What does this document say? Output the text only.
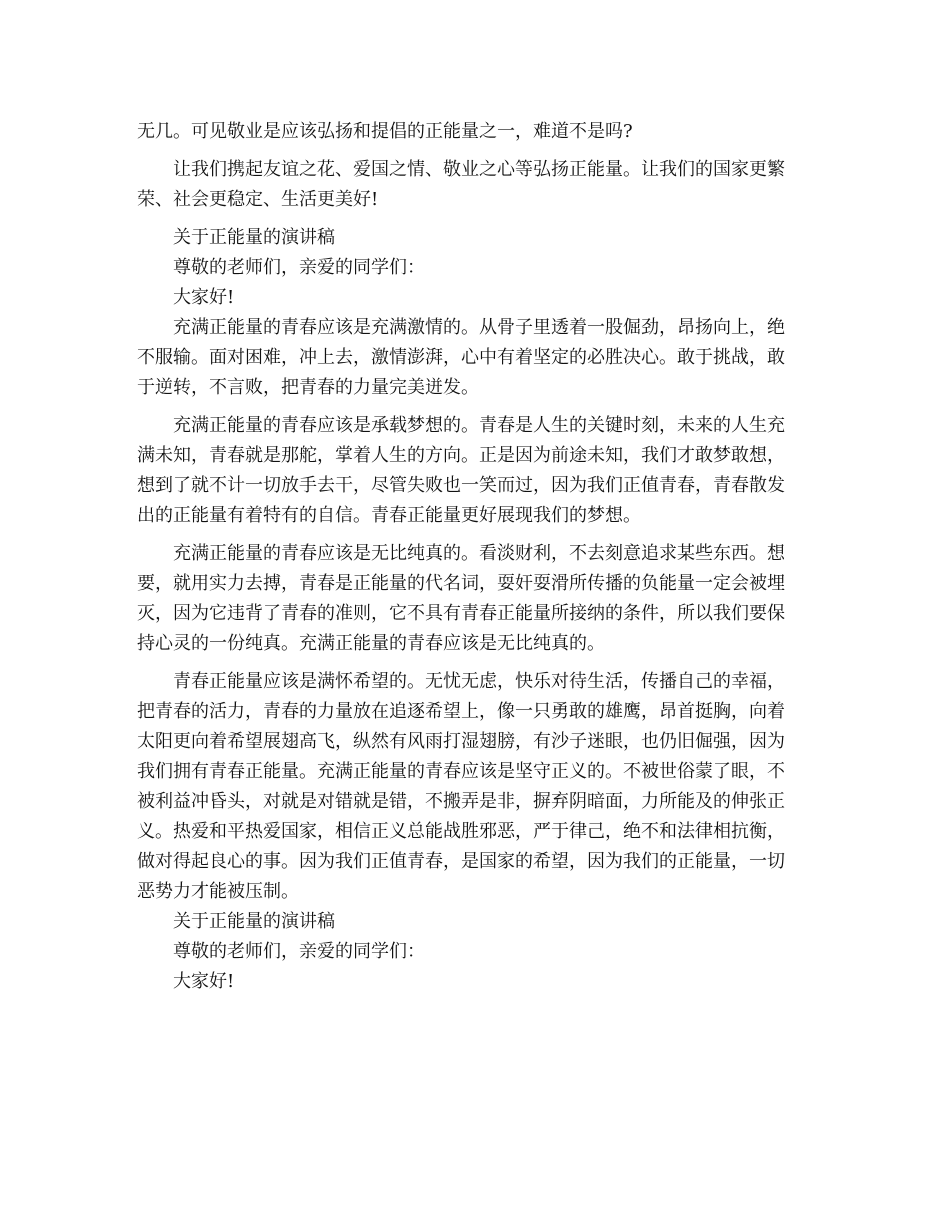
无几。可见敬业是应该弘扬和提倡的正能量之一，难道不是吗?

让我们携起友谊之花、爱国之情、敬业之心等弘扬正能量。让我们的国家更繁

荣、社会更稳定、生活更美好!

关于正能量的演讲稿

尊敬的老师们，亲爱的同学们：

大家好!

充满正能量的青春应该是充满激情的。从骨子里透着一股倔劲，昂扬向上，绝

不服输。面对困难，冲上去，激情澎湃，心中有着坚定的必胜决心。敢于挑战，敢

于逆转，不言败，把青春的力量完美迸发。

充满正能量的青春应该是承载梦想的。青春是人生的关键时刻，未来的人生充

满未知，青春就是那舵，掌着人生的方向。正是因为前途未知，我们才敢梦敢想，

想到了就不计一切放手去干，尽管失败也一笑而过，因为我们正值青春，青春散发

出的正能量有着特有的自信。青春正能量更好展现我们的梦想。

充满正能量的青春应该是无比纯真的。看淡财利，不去刻意追求某些东西。想

要，就用实力去搏，青春是正能量的代名词，耍奸耍滑所传播的负能量一定会被埋

灭，因为它违背了青春的准则，它不具有青春正能量所接纳的条件，所以我们要保

持心灵的一份纯真。充满正能量的青春应该是无比纯真的。

青春正能量应该是满怀希望的。无忧无虑，快乐对待生活，传播自己的幸福，

把青春的活力，青春的力量放在追逐希望上，像一只勇敢的雄鹰，昂首挺胸，向着

太阳更向着希望展翅高飞，纵然有风雨打湿翅膀，有沙子迷眼，也仍旧倔强，因为

我们拥有青春正能量。充满正能量的青春应该是坚守正义的。不被世俗蒙了眼，不

被利益冲昏头，对就是对错就是错，不搬弄是非，摒弃阴暗面，力所能及的伸张正

义。热爱和平热爱国家，相信正义总能战胜邪恶，严于律己，绝不和法律相抗衡，

做对得起良心的事。因为我们正值青春，是国家的希望，因为我们的正能量，一切

恶势力才能被压制。

关于正能量的演讲稿

尊敬的老师们，亲爱的同学们：

大家好!
